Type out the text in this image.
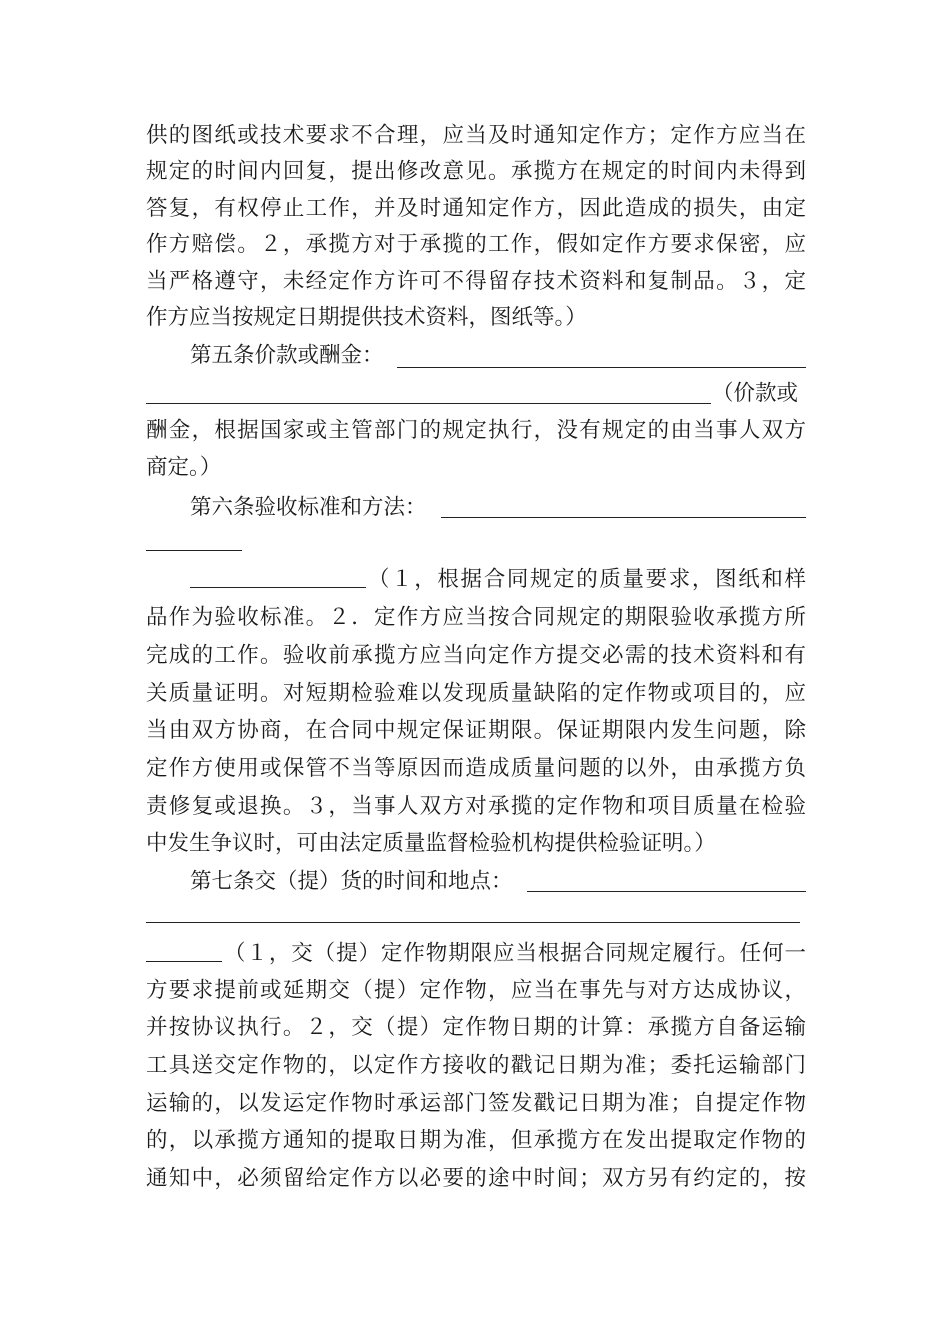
供的图纸或技术要求不合理，应当及时通知定作方；定作方应当在
规定的时间内回复，提出修改意见。承揽方在规定的时间内未得到
答复，有权停止工作，并及时通知定作方，因此造成的损失，由定
作方赔偿。２，承揽方对于承揽的工作，假如定作方要求保密，应
当严格遵守，未经定作方许可不得留存技术资料和复制品。３，定
作方应当按规定日期提供技术资料，图纸等。）
第五条价款或酬金：
（价款或
酬金，根据国家或主管部门的规定执行，没有规定的由当事人双方
商定。）
第六条验收标准和方法：
（１，根据合同规定的质量要求，图纸和样
品作为验收标准。２．定作方应当按合同规定的期限验收承揽方所
完成的工作。验收前承揽方应当向定作方提交必需的技术资料和有
关质量证明。对短期检验难以发现质量缺陷的定作物或项目的，应
当由双方协商，在合同中规定保证期限。保证期限内发生问题，除
定作方使用或保管不当等原因而造成质量问题的以外，由承揽方负
责修复或退换。３，当事人双方对承揽的定作物和项目质量在检验
中发生争议时，可由法定质量监督检验机构提供检验证明。）
第七条交（提）货的时间和地点：
（１，交（提）定作物期限应当根据合同规定履行。任何一
方要求提前或延期交（提）定作物，应当在事先与对方达成协议，
并按协议执行。２，交（提）定作物日期的计算：承揽方自备运输
工具送交定作物的，以定作方接收的戳记日期为准；委托运输部门
运输的，以发运定作物时承运部门签发戳记日期为准；自提定作物
的，以承揽方通知的提取日期为准，但承揽方在发出提取定作物的
通知中，必须留给定作方以必要的途中时间；双方另有约定的，按
